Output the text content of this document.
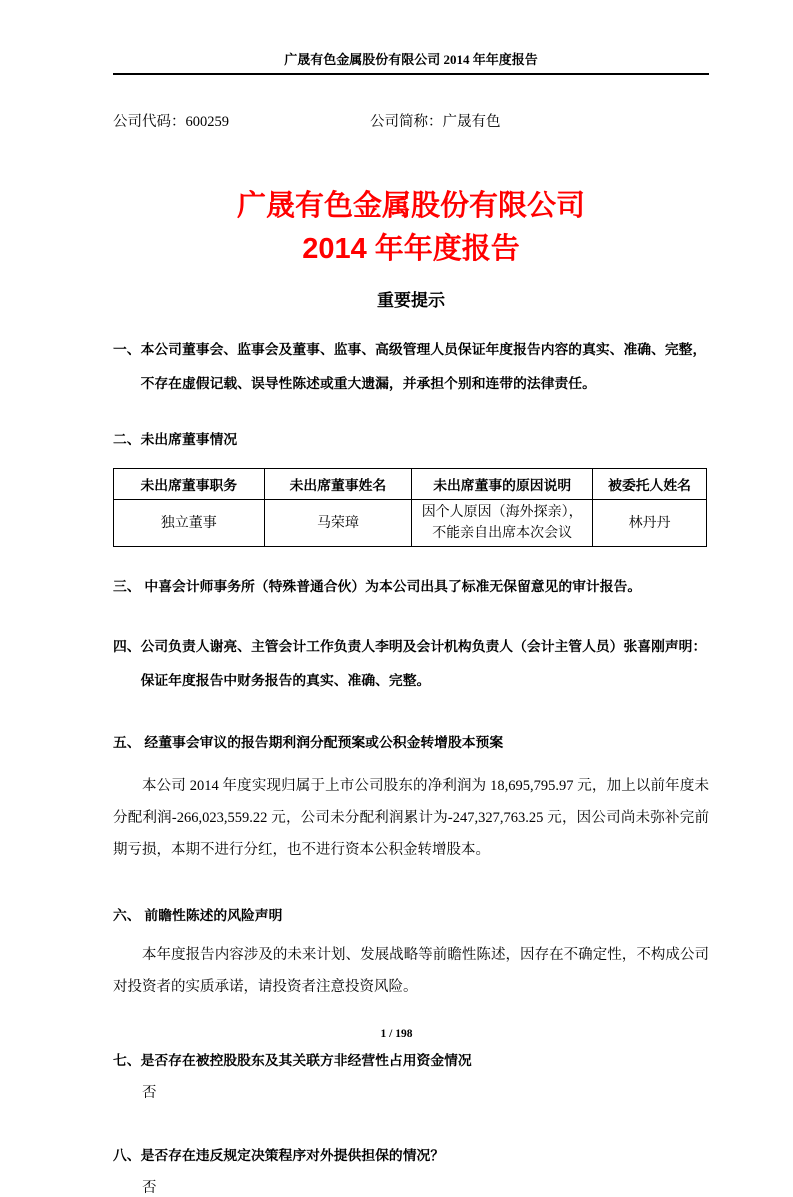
广晟有色金属股份有限公司 2014 年年度报告
公司代码：600259	公司简称：广晟有色
广晟有色金属股份有限公司
2014 年年度报告
重要提示
一、本公司董事会、监事会及董事、监事、高级管理人员保证年度报告内容的真实、准确、完整，
不存在虚假记载、误导性陈述或重大遗漏，并承担个别和连带的法律责任。
二、未出席董事情况
未出席董事职务	未出席董事姓名	未出席董事的原因说明	被委托人姓名
独立董事	马荣璋	因个人原因（海外探亲），不能亲自出席本次会议	林丹丹
三、 中喜会计师事务所（特殊普通合伙）为本公司出具了标准无保留意见的审计报告。
四、公司负责人谢亮、主管会计工作负责人李明及会计机构负责人（会计主管人员）张喜刚声明：
保证年度报告中财务报告的真实、准确、完整。
五、 经董事会审议的报告期利润分配预案或公积金转增股本预案
本公司 2014 年度实现归属于上市公司股东的净利润为 18,695,795.97 元，加上以前年度未分配利润-266,023,559.22 元，公司未分配利润累计为-247,327,763.25 元，因公司尚未弥补完前期亏损，本期不进行分红，也不进行资本公积金转增股本。
六、 前瞻性陈述的风险声明
本年度报告内容涉及的未来计划、发展战略等前瞻性陈述，因存在不确定性，不构成公司对投资者的实质承诺，请投资者注意投资风险。
七、是否存在被控股股东及其关联方非经营性占用资金情况
否
八、是否存在违反规定决策程序对外提供担保的情况？
否
1 / 198
